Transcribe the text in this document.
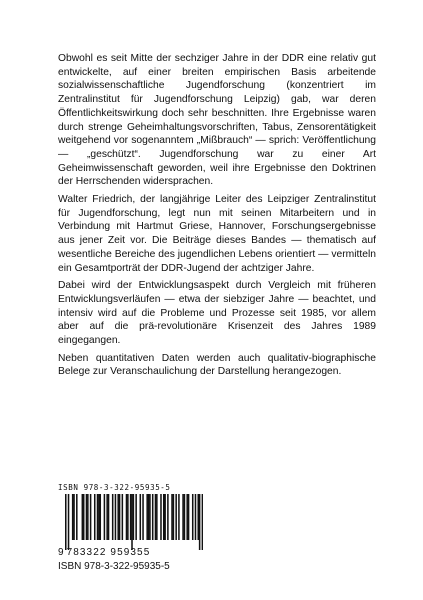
Obwohl es seit Mitte der sechziger Jahre in der DDR eine relativ gut entwickelte, auf einer breiten empirischen Basis arbeitende sozialwissenschaftliche Jugendforschung (konzentriert im Zentralinstitut für Jugendforschung Leipzig) gab, war deren Öffentlichkeitswirkung doch sehr beschnitten. Ihre Ergebnisse waren durch strenge Geheimhaltungsvorschriften, Tabus, Zensorentätigkeit weitgehend vor sogenanntem „Mißbrauch“ — sprich: Veröffentlichung — „geschützt“. Jugendforschung war zu einer Art Geheimwissenschaft geworden, weil ihre Ergebnisse den Doktrinen der Herrschenden widersprachen.

Walter Friedrich, der langjährige Leiter des Leipziger Zentralinstitut für Jugendforschung, legt nun mit seinen Mitarbeitern und in Verbindung mit Hartmut Griese, Hannover, Forschungsergebnisse aus jener Zeit vor. Die Beiträge dieses Bandes — thematisch auf wesentliche Bereiche des jugendlichen Lebens orientiert — vermitteln ein Gesamtporträt der DDR-Jugend der achtziger Jahre.

Dabei wird der Entwicklungsaspekt durch Vergleich mit früheren Entwicklungsverläufen — etwa der siebziger Jahre — beachtet, und intensiv wird auf die Probleme und Prozesse seit 1985, vor allem aber auf die prä-revolutionäre Krisenzeit des Jahres 1989 eingegangen.

Neben quantitativen Daten werden auch qualitativ-biographische Belege zur Veranschaulichung der Darstellung herangezogen.

ISBN 978-3-322-95935-5
9 783322 959355
ISBN 978-3-322-95935-5
